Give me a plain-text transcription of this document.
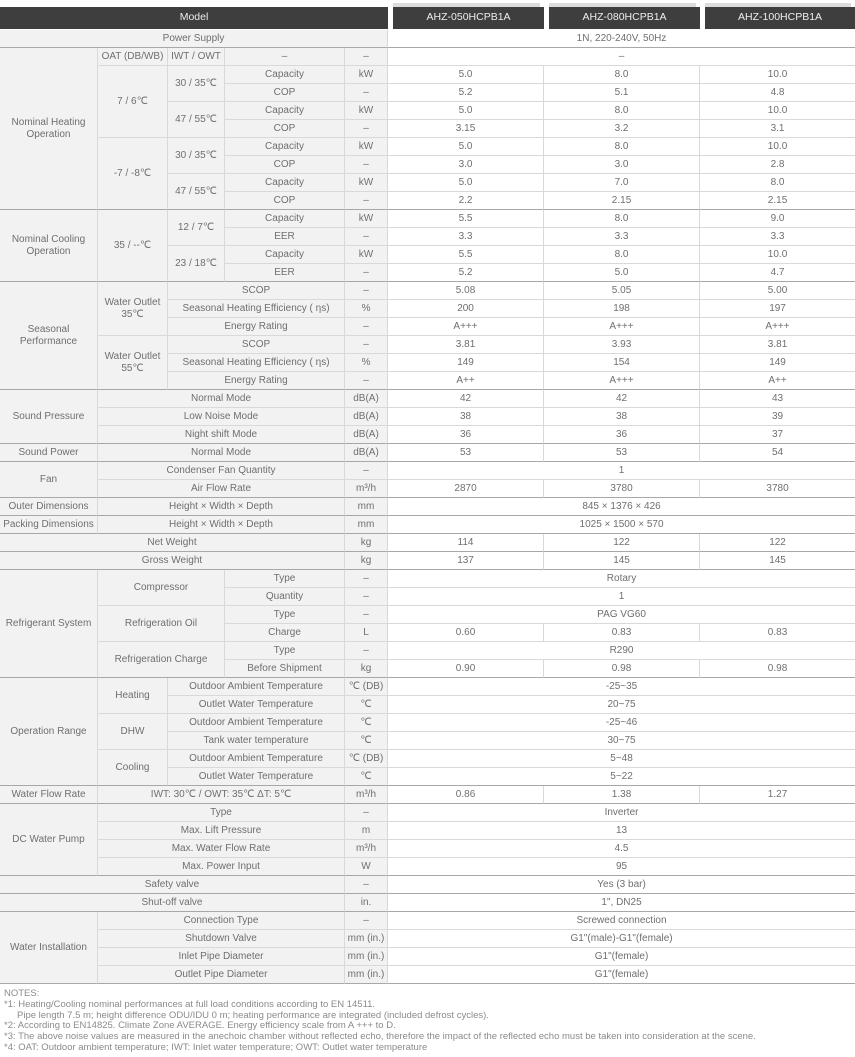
Model					AHZ-050HCPB1A	AHZ-080HCPB1A	AHZ-100HCPB1A
Power Supply					1N, 220-240V, 50Hz		
Nominal Heating Operation	OAT (DB/WB)	IWT / OWT	–	–	–		
	7 / 6℃	30 / 35℃	Capacity	kW	5.0	8.0	10.0
			COP	–	5.2	5.1	4.8
		47 / 55℃	Capacity	kW	5.0	8.0	10.0
			COP	–	3.15	3.2	3.1
	-7 / -8℃	30 / 35℃	Capacity	kW	5.0	8.0	10.0
			COP	–	3.0	3.0	2.8
		47 / 55℃	Capacity	kW	5.0	7.0	8.0
			COP	–	2.2	2.15	2.15
Nominal Cooling Operation	35 / --℃	12 / 7℃	Capacity	kW	5.5	8.0	9.0
			EER	–	3.3	3.3	3.3
		23 / 18℃	Capacity	kW	5.5	8.0	10.0
			EER	–	5.2	5.0	4.7
Seasonal Performance	Water Outlet 35℃	SCOP		–	5.08	5.05	5.00
		Seasonal Heating Efficiency ( ηs)		%	200	198	197
		Energy Rating		–	A+++	A+++	A+++
	Water Outlet 55℃	SCOP		–	3.81	3.93	3.81
		Seasonal Heating Efficiency ( ηs)		%	149	154	149
		Energy Rating		–	A++	A+++	A++
Sound Pressure	Normal Mode			dB(A)	42	42	43
	Low Noise Mode			dB(A)	38	38	39
	Night shift Mode			dB(A)	36	36	37
Sound Power	Normal Mode			dB(A)	53	53	54
Fan	Condenser Fan Quantity			–	1		
	Air Flow Rate			m³/h	2870	3780	3780
Outer Dimensions	Height × Width × Depth			mm	845 × 1376 × 426		
Packing Dimensions	Height × Width × Depth			mm	1025 × 1500 × 570		
Net Weight				kg	114	122	122
Gross Weight				kg	137	145	145
Refrigerant System	Compressor		Type	–	Rotary		
			Quantity	–	1		
	Refrigeration Oil		Type	–	PAG VG60		
			Charge	L	0.60	0.83	0.83
	Refrigeration Charge		Type	–	R290		
			Before Shipment	kg	0.90	0.98	0.98
Operation Range	Heating	Outdoor Ambient Temperature		℃ (DB)	-25~35		
		Outlet Water Temperature		℃	20~75		
	DHW	Outdoor Ambient Temperature		℃	-25~46		
		Tank water temperature		℃	30~75		
	Cooling	Outdoor Ambient Temperature		℃ (DB)	5~48		
		Outlet Water Temperature		℃	5~22		
Water Flow Rate	IWT: 30℃ / OWT: 35℃ ΔT: 5℃			m³/h	0.86	1.38	1.27
DC Water Pump	Type			–	Inverter		
	Max. Lift Pressure			m	13		
	Max. Water Flow Rate			m³/h	4.5		
	Max. Power Input			W	95		
Safety valve				–	Yes (3 bar)		
Shut-off valve				in.	1", DN25		
Water Installation	Connection Type			–	Screwed connection		
	Shutdown Valve			mm (in.)	G1"(male)-G1"(female)		
	Inlet Pipe Diameter			mm (in.)	G1"(female)		
	Outlet Pipe Diameter			mm (in.)	G1"(female)		
NOTES:
*1: Heating/Cooling nominal performances at full load conditions according to EN 14511.
Pipe length 7.5 m; height difference ODU/IDU 0 m; heating performance are integrated (included defrost cycles).
*2: According to EN14825. Climate Zone AVERAGE. Energy efficiency scale from A +++ to D.
*3: The above noise values are measured in the anechoic chamber without reflected echo, therefore the impact of the reflected echo must be taken into consideration at the scene.
*4: OAT: Outdoor ambient temperature; IWT: Inlet water temperature; OWT: Outlet water temperature
